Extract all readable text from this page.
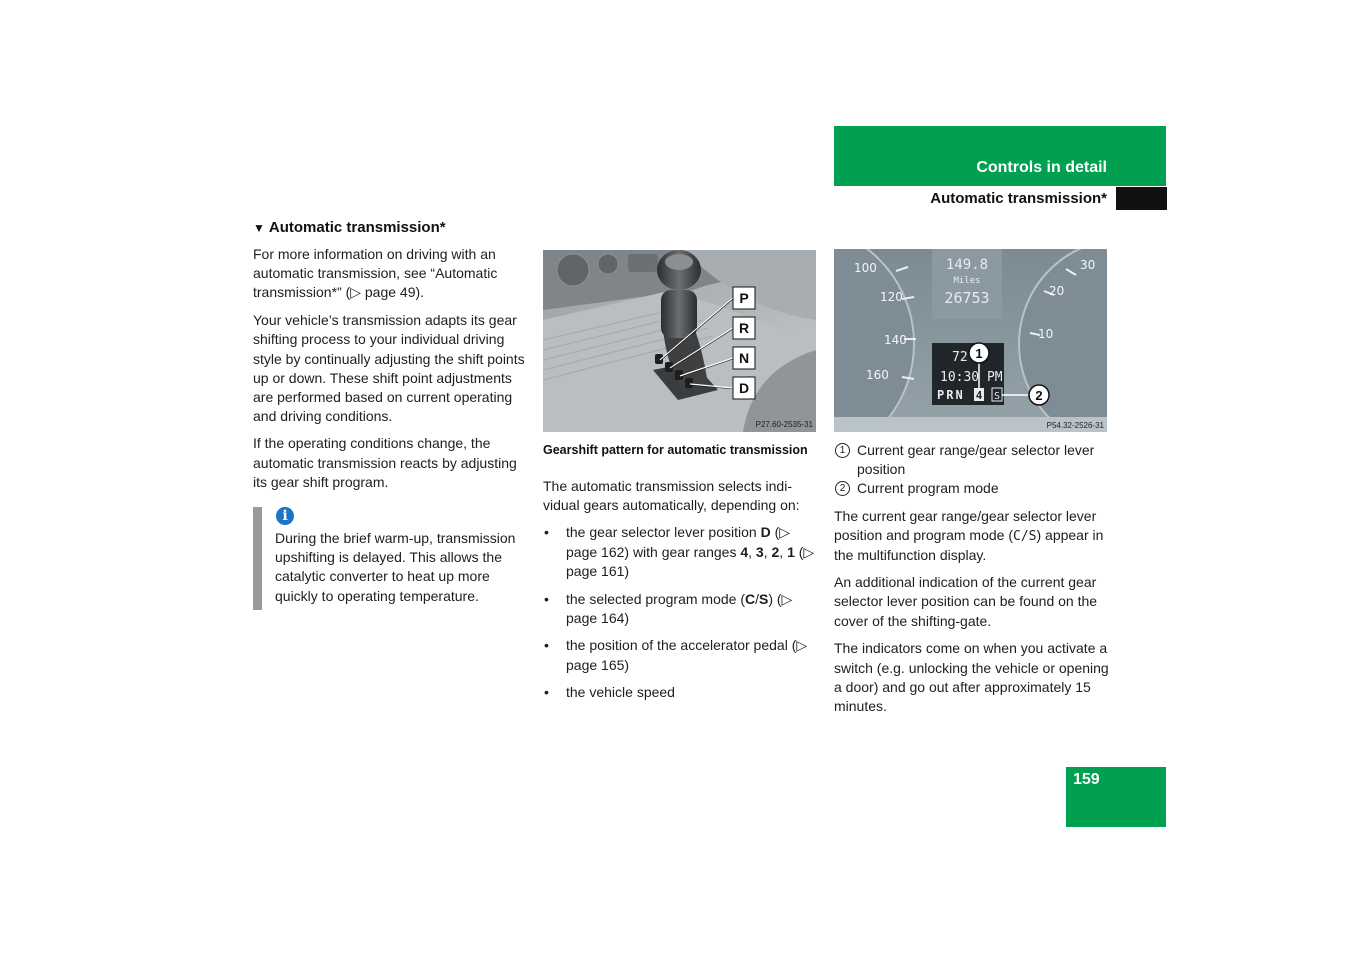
Controls in detail
Automatic transmission*
▼ Automatic transmission*

For more information on driving with an automatic transmission, see “Automatic transmission*” (▷ page 49).

Your vehicle’s transmission adapts its gear shifting process to your individual driving style by continually adjusting the shift points up or down. These shift point adjustments are performed based on current operating and driving conditions.

If the operating conditions change, the automatic transmission reacts by adjusting its gear shift program.

i
During the brief warm-up, transmission upshifting is delayed. This allows the catalytic converter to heat up more quickly to operating temperature.
P
R
N
D
P27.60-2535-31
Gearshift pattern for automatic transmission

The automatic transmission selects individual gears automatically, depending on:

• the gear selector lever position D (▷ page 162) with gear ranges 4, 3, 2, 1 (▷ page 161)
• the selected program mode (C/S) (▷ page 164)
• the position of the accelerator pedal (▷ page 165)
• the vehicle speed
100
120
140
160
30
20
10
149.8
Miles
26753
72
10:30 PM
PRN 4 S
1
2
P54.32-2526-31
1 Current gear range/gear selector lever position
2 Current program mode

The current gear range/gear selector lever position and program mode (C/S) appear in the multifunction display.

An additional indication of the current gear selector lever position can be found on the cover of the shifting-gate.

The indicators come on when you activate a switch (e.g. unlocking the vehicle or opening a door) and go out after approximately 15 minutes.

159
